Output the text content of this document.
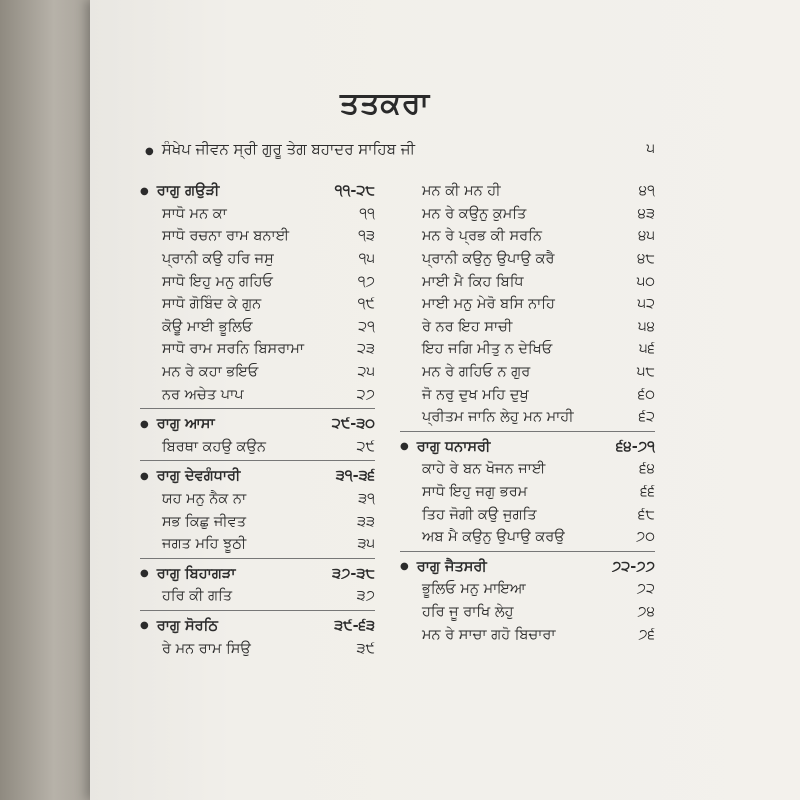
ਤਤਕਰਾ
● ਸੰਖੇਪ ਜੀਵਨ ਸ੍ਰੀ ਗੁਰੂ ਤੇਗ ਬਹਾਦਰ ਸਾਹਿਬ ਜੀ	੫
● ਰਾਗੁ ਗਉੜੀ	੧੧-੨੮
ਸਾਧੋ ਮਨ ਕਾ	੧੧
ਸਾਧੋ ਰਚਨਾ ਰਾਮ ਬਨਾਈ	੧੩
ਪ੍ਰਾਨੀ ਕਉ ਹਰਿ ਜਸੁ	੧੫
ਸਾਧੋ ਇਹੁ ਮਨੁ ਗਹਿਓ	੧੭
ਸਾਧੋ ਗੋਬਿੰਦ ਕੇ ਗੁਨ	੧੯
ਕੋਊ ਮਾਈ ਭੂਲਿਓ	੨੧
ਸਾਧੋ ਰਾਮ ਸਰਨਿ ਬਿਸਰਾਮਾ	੨੩
ਮਨ ਰੇ ਕਹਾ ਭਇਓ	੨੫
ਨਰ ਅਚੇਤ ਪਾਪ	੨੭
● ਰਾਗੁ ਆਸਾ	੨੯-੩੦
ਬਿਰਥਾ ਕਹਉ ਕਉਨ	੨੯
● ਰਾਗੁ ਦੇਵਗੰਧਾਰੀ	੩੧-੩੬
ਯਹ ਮਨੁ ਨੈਕ ਨਾ	੩੧
ਸਭ ਕਿਛੁ ਜੀਵਤ	੩੩
ਜਗਤ ਮਹਿ ਝੂਠੀ	੩੫
● ਰਾਗੁ ਬਿਹਾਗੜਾ	੩੭-੩੮
ਹਰਿ ਕੀ ਗਤਿ	੩੭
● ਰਾਗੁ ਸੋਰਠਿ	੩੯-੬੩
ਰੇ ਮਨ ਰਾਮ ਸਿਉ	੩੯
ਮਨ ਕੀ ਮਨ ਹੀ	੪੧
ਮਨ ਰੇ ਕਉਨੁ ਕੁਮਤਿ	੪੩
ਮਨ ਰੇ ਪ੍ਰਭ ਕੀ ਸਰਨਿ	੪੫
ਪ੍ਰਾਨੀ ਕਉਨੁ ਉਪਾਉ ਕਰੈ	੪੮
ਮਾਈ ਮੈ ਕਿਹ ਬਿਧਿ	੫੦
ਮਾਈ ਮਨੁ ਮੇਰੋ ਬਸਿ ਨਾਹਿ	੫੨
ਰੇ ਨਰ ਇਹ ਸਾਚੀ	੫੪
ਇਹ ਜਗਿ ਮੀਤੁ ਨ ਦੇਖਿਓ	੫੬
ਮਨ ਰੇ ਗਹਿਓ ਨ ਗੁਰ	੫੮
ਜੋ ਨਰੁ ਦੁਖ ਮਹਿ ਦੁਖੁ	੬੦
ਪ੍ਰੀਤਮ ਜਾਨਿ ਲੇਹੁ ਮਨ ਮਾਹੀ	੬੨
● ਰਾਗੁ ਧਨਾਸਰੀ	੬੪-੭੧
ਕਾਹੇ ਰੇ ਬਨ ਖੋਜਨ ਜਾਈ	੬੪
ਸਾਧੋ ਇਹੁ ਜਗੁ ਭਰਮ	੬੬
ਤਿਹ ਜੋਗੀ ਕਉ ਜੁਗਤਿ	੬੮
ਅਬ ਮੈ ਕਉਨੁ ਉਪਾਉ ਕਰਉ	੭੦
● ਰਾਗੁ ਜੈਤਸਰੀ	੭੨-੭੭
ਭੂਲਿਓ ਮਨੁ ਮਾਇਆ	੭੨
ਹਰਿ ਜੂ ਰਾਖਿ ਲੇਹੁ	੭੪
ਮਨ ਰੇ ਸਾਚਾ ਗਹੋ ਬਿਚਾਰਾ	੭੬
